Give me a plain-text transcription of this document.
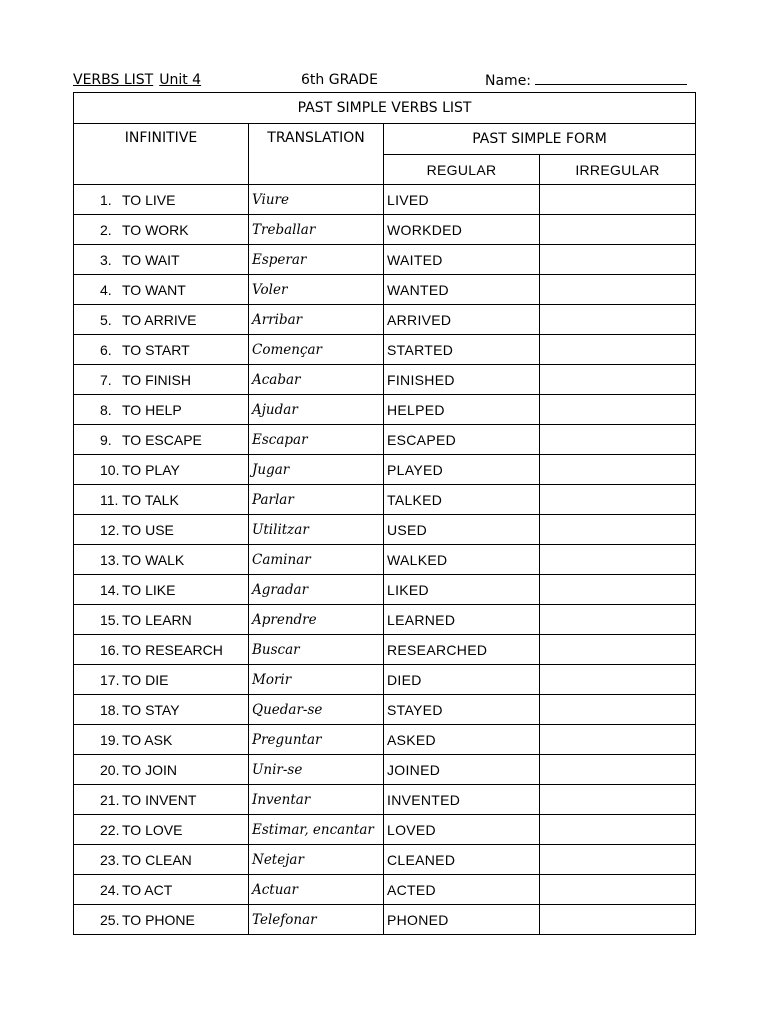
VERBS LIST Unit 4	6th GRADE	Name:
PAST SIMPLE VERBS LIST			
INFINITIVE	TRANSLATION	PAST SIMPLE FORM	
		REGULAR	IRREGULAR
1. TO LIVE	Viure	LIVED	
2. TO WORK	Treballar	WORKDED	
3. TO WAIT	Esperar	WAITED	
4. TO WANT	Voler	WANTED	
5. TO ARRIVE	Arribar	ARRIVED	
6. TO START	Començar	STARTED	
7. TO FINISH	Acabar	FINISHED	
8. TO HELP	Ajudar	HELPED	
9. TO ESCAPE	Escapar	ESCAPED	
10. TO PLAY	Jugar	PLAYED	
11. TO TALK	Parlar	TALKED	
12. TO USE	Utilitzar	USED	
13. TO WALK	Caminar	WALKED	
14. TO LIKE	Agradar	LIKED	
15. TO LEARN	Aprendre	LEARNED	
16. TO RESEARCH	Buscar	RESEARCHED	
17. TO DIE	Morir	DIED	
18. TO STAY	Quedar-se	STAYED	
19. TO ASK	Preguntar	ASKED	
20. TO JOIN	Unir-se	JOINED	
21. TO INVENT	Inventar	INVENTED	
22. TO LOVE	Estimar, encantar	LOVED	
23. TO CLEAN	Netejar	CLEANED	
24. TO ACT	Actuar	ACTED	
25. TO PHONE	Telefonar	PHONED	
